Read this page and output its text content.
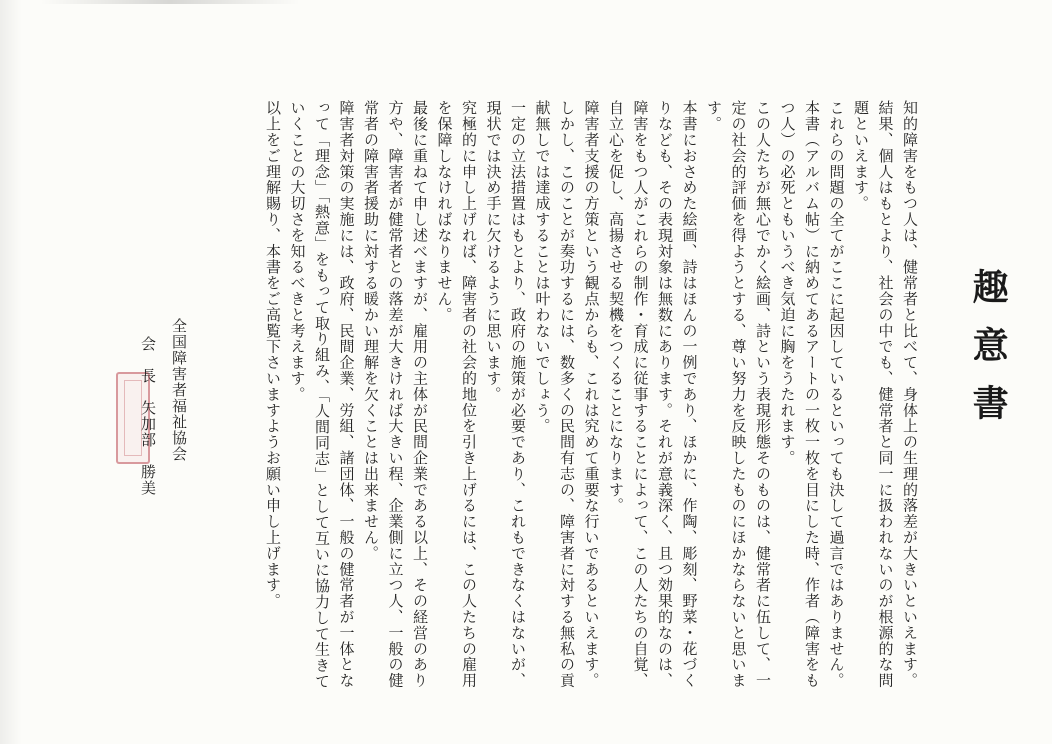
趣意書

知的障害をもつ人は、健常者と比べて、身体上の生理的落差が大きいといえます。結果、個人はもとより、社会の中でも、健常者と同一に扱われないのが根源的な問題といえます。

これらの問題の全てがここに起因しているといっても決して過言ではありません。本書（アルバム帖）に納めてあるアートの一枚一枚を目にした時、作者（障害をもつ人）の必死ともいうべき気迫に胸をうたれます。

この人たちが無心でかく絵画、詩という表現形態そのものは、健常者に伍して、一定の社会的評価を得ようとする、尊い努力を反映したものにほかならないと思います。

本書におさめた絵画、詩はほんの一例であり、ほかに、作陶、彫刻、野菜・花づくりなども、その表現対象は無数にあります。それが意義深く、且つ効果的なのは、障害をもつ人がこれらの制作・育成に従事することによって、この人たちの自覚、自立心を促し、高揚させる契機をつくることになります。

障害者支援の方策という観点からも、これは究めて重要な行いであるといえます。しかし、このことが奏功するには、数多くの民間有志の、障害者に対する無私の貢献無しでは達成することは叶わないでしょう。

一定の立法措置はもとより、政府の施策が必要であり、これもできなくはないが、現状では決め手に欠けるように思います。

究極的に申し上げれば、障害者の社会的地位を引き上げるには、この人たちの雇用を保障しなければなりません。

最後に重ねて申し述べますが、雇用の主体が民間企業である以上、その経営のあり方や、障害者が健常者との落差が大きければ大きい程、企業側に立つ人、一般の健常者の障害者援助に対する暖かい理解を欠くことは出来ません。

障害者対策の実施には、政府、民間企業、労組、諸団体、一般の健常者が一体となって「理念」「熱意」をもって取り組み、「人間同志」として互いに協力して生きていくことの大切さを知るべきと考えます。

以上をご理解賜り、本書をご高覧下さいますようお願い申し上げます。

全国障害者福祉協会

会　長　矢加部　勝美
